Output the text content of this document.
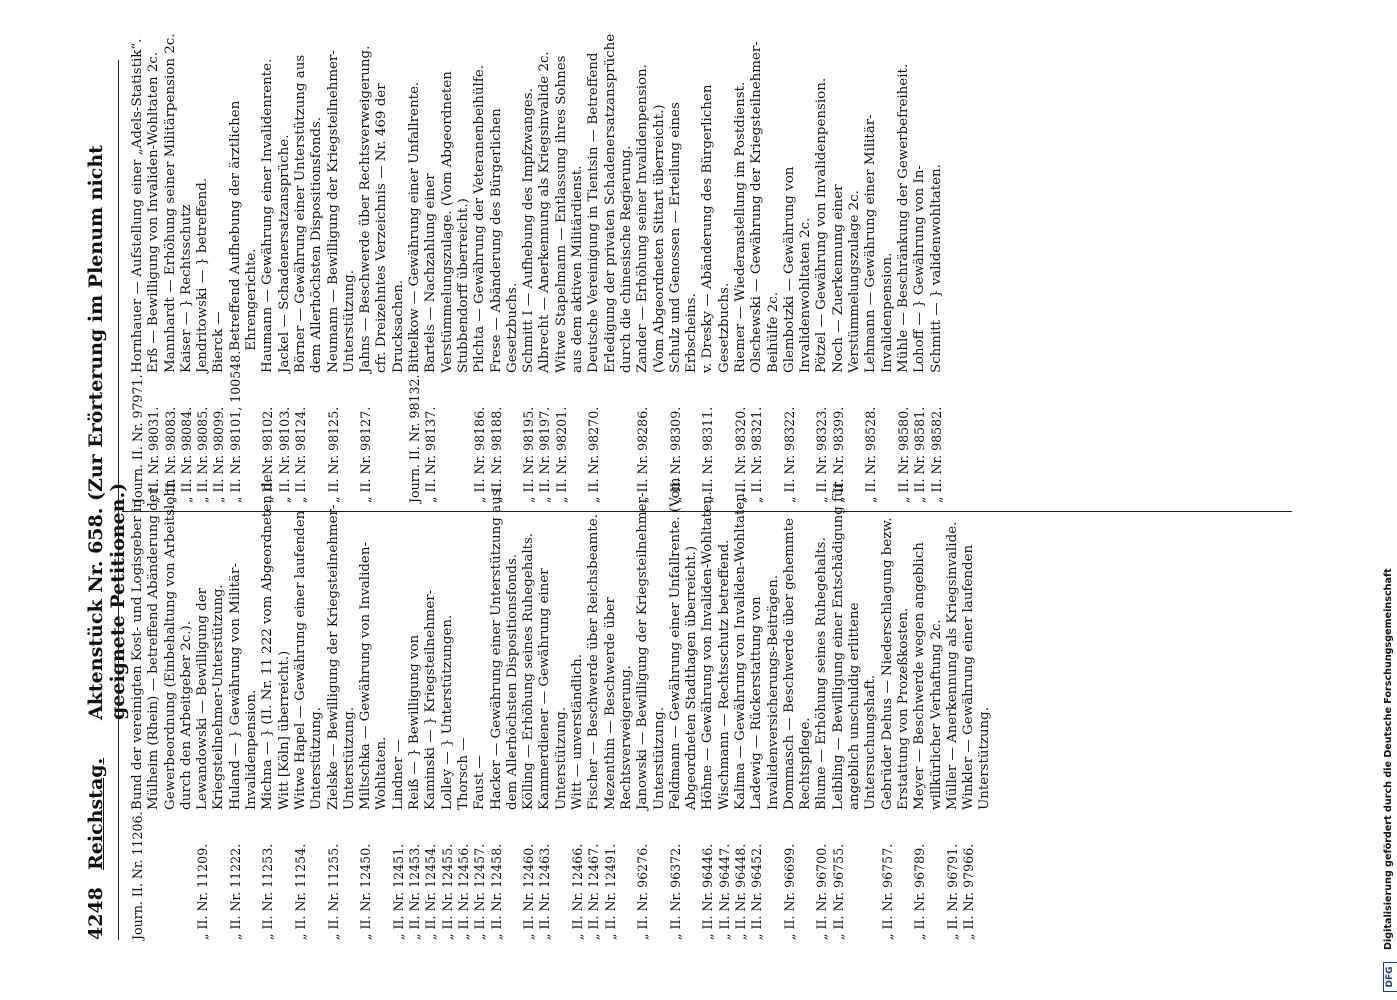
4248
Reichstag.
Aktenstück Nr. 658. (Zur Erörterung im Plenum nicht geeignete Petitionen.)
Journ. II. Nr. 11206.
Bund der vereinigten Kost- und Logisgeber in Mülheim (Rhein) — betreffend Abänderung der Gewerbeordnung (Einbehaltung von Arbeitslohn durch den Arbeitgeber 2c.).
„ II. Nr. 11209.
Lewandowski — Bewilligung der Kriegsteilnehmer-Unterstützung.
„ II. Nr. 11222.
Huland — } Gewährung von Militär-Invalidenpension.
„ II. Nr. 11253.
Michna — } (II. Nr. 11 222 vom Abgeordneten de Witt [Köln] überreicht.)
„ II. Nr. 11254.
Witwe Hapel — Gewährung einer laufenden Unterstützung.
„ II. Nr. 11255.
Zielske — Bewilligung der Kriegsteilnehmer-Unterstützung.
„ II. Nr. 12450.
Miltschka — Gewährung von Invaliden-Wohltaten.
„ II. Nr. 12451.
Lindner —
„ II. Nr. 12453.
Reiß — } Bewilligung von
„ II. Nr. 12454.
Kaminski — } Kriegsteilnehmer-
„ II. Nr. 12455.
Lolley — } Unterstützungen.
„ II. Nr. 12456.
Thorsch —
„ II. Nr. 12457.
Faust —
„ II. Nr. 12458.
Hacker — Gewährung einer Unterstützung aus dem Allerhöchsten Dispositionsfonds.
„ II. Nr. 12460.
Kölling — Erhöhung seines Ruhegehalts.
„ II. Nr. 12463.
Kammerdiener — Gewährung einer Unterstützung.
„ II. Nr. 12466.
Witt — unverständlich.
„ II. Nr. 12467.
Fischer — Beschwerde über Reichsbeamte.
„ II. Nr. 12491.
Mezenthin — Beschwerde über Rechtsverweigerung.
„ II. Nr. 96276.
Janowski — Bewilligung der Kriegsteilnehmer-Unterstützung.
„ II. Nr. 96372.
Feldmann — Gewährung einer Unfallrente. (Vom Abgeordneten Stadthagen überreicht.)
„ II. Nr. 96446.
Höhne — Gewährung von Invaliden-Wohltaten.
„ II. Nr. 96447.
Wischmann — Rechtsschutz betreffend.
„ II. Nr. 96448.
Kalima — Gewährung von Invaliden-Wohltaten.
„ II. Nr. 96452.
Ladewig — Rückerstattung von Invalidenversicherungs-Beiträgen.
„ II. Nr. 96699.
Dommasch — Beschwerde über gehemmte Rechtspflege.
„ II. Nr. 96700.
Blume — Erhöhung seines Ruhegehalts.
„ II. Nr. 96755.
Leibling — Bewilligung einer Entschädigung für angeblich unschuldig erlittene Untersuchungshaft.
„ II. Nr. 96757.
Gebrüder Dehus — Niederschlagung bezw. Erstattung von Prozeßkosten.
„ II. Nr. 96789.
Meyer — Beschwerde wegen angeblich willkürlicher Verhaftung 2c.
„ II. Nr. 96791.
Müller — Anerkennung als Kriegsinvalide.
„ II. Nr. 97966.
Winkler — Gewährung einer laufenden Unterstützung.
Journ. II. Nr. 97971.
Hornhauer — Aufstellung einer „Adels-Statistik“.
„ II. Nr. 98031.
Erß — Bewilligung von Invaliden-Wohltaten 2c.
„ II. Nr. 98083.
Mannhardt — Erhöhung seiner Militärpension 2c.
„ II. Nr. 98084.
Kaiser — } Rechtsschutz
„ II. Nr. 98085.
Jendritowski — } betreffend.
„ II. Nr. 98099.
Bierck —
„ II. Nr. 98101, 100548.
Betreffend Aufhebung der ärztlichen Ehrengerichte.
„ II. Nr. 98102.
Haumann — Gewährung einer Invalidenrente.
„ II. Nr. 98103.
Jackel — Schadenersatzansprüche.
„ II. Nr. 98124.
Börner — Gewährung einer Unterstützung aus dem Allerhöchsten Dispositionsfonds.
„ II. Nr. 98125.
Neumann — Bewilligung der Kriegsteilnehmer-Unterstützung.
„ II. Nr. 98127.
Jahns — Beschwerde über Rechtsverweigerung. cfr. Dreizehntes Verzeichnis — Nr. 469 der Drucksachen.
Journ. II. Nr. 98132.
Bittelkow — Gewährung einer Unfallrente.
„ II. Nr. 98137.
Bartels — Nachzahlung einer Verstümmelungszulage. (Vom Abgeordneten Stubbendorff überreicht.)
„ II. Nr. 98186.
Pilchta — Gewährung der Veteranenbeihülfe.
„ II. Nr. 98188.
Frese — Abänderung des Bürgerlichen Gesetzbuchs.
„ II. Nr. 98195.
Schmitt I — Aufhebung des Impfzwanges.
„ II. Nr. 98197.
Albrecht — Anerkennung als Kriegsinvalide 2c.
„ II. Nr. 98201.
Witwe Stapelmann — Entlassung ihres Sohnes aus dem aktiven Militärdienst.
„ II. Nr. 98270.
Deutsche Vereinigung in Tientsin — Betreffend Erledigung der privaten Schadenersatzansprüche durch die chinesische Regierung.
„ II. Nr. 98286.
Zander — Erhöhung seiner Invalidenpension. (Vom Abgeordneten Sittart überreicht.)
„ II. Nr. 98309.
Schulz und Genossen — Erteilung eines Erbscheins.
„ II. Nr. 98311.
v. Dresky — Abänderung des Bürgerlichen Gesetzbuchs.
„ II. Nr. 98320.
Riemer — Wiederanstellung im Postdienst.
„ II. Nr. 98321.
Olschewski — Gewährung der Kriegsteilnehmer-Beihülfe 2c.
„ II. Nr. 98322.
Glembotzki — Gewährung von Invalidenwohltaten 2c.
„ II. Nr. 98323.
Pötzel — Gewährung von Invalidenpension.
„ II. Nr. 98399.
Noch — Zuerkennung einer Verstümmelungszulage 2c.
„ II. Nr. 98528.
Lehmann — Gewährung einer Militär-Invalidenpension.
„ II. Nr. 98580.
Mühle — Beschränkung der Gewerbefreiheit.
„ II. Nr. 98581.
Lohoff — } Gewährung von In-
„ II. Nr. 98582.
Schmitt — } validenwohltaten.
DFG
Digitalisierung gefördert durch die Deutsche Forschungsgemeinschaft
